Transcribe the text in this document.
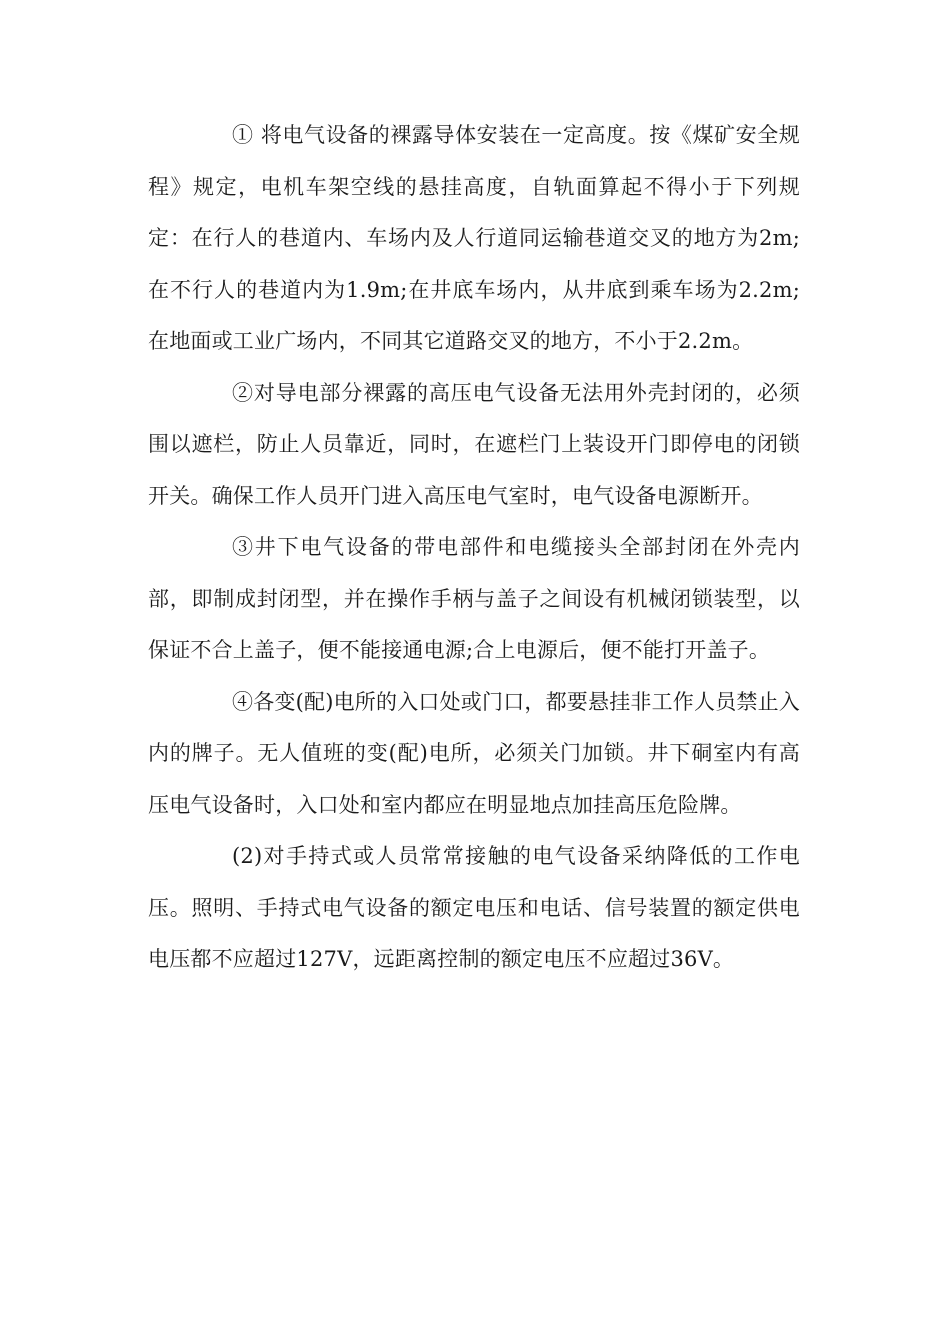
① 将电气设备的裸露导体安装在一定高度。按《煤矿安全规程》规定，电机车架空线的悬挂高度，自轨面算起不得小于下列规定：在行人的巷道内、车场内及人行道同运输巷道交叉的地方为2m;在不行人的巷道内为1.9m;在井底车场内，从井底到乘车场为2.2m;在地面或工业广场内，不同其它道路交叉的地方，不小于2.2m。

②对导电部分裸露的高压电气设备无法用外壳封闭的，必须围以遮栏，防止人员靠近，同时，在遮栏门上装设开门即停电的闭锁开关。确保工作人员开门进入高压电气室时，电气设备电源断开。

③井下电气设备的带电部件和电缆接头全部封闭在外壳内部，即制成封闭型，并在操作手柄与盖子之间设有机械闭锁装型，以保证不合上盖子，便不能接通电源;合上电源后，便不能打开盖子。

④各变(配)电所的入口处或门口，都要悬挂非工作人员禁止入内的牌子。无人值班的变(配)电所，必须关门加锁。井下硐室内有高压电气设备时，入口处和室内都应在明显地点加挂高压危险牌。

(2)对手持式或人员常常接触的电气设备采纳降低的工作电压。照明、手持式电气设备的额定电压和电话、信号装置的额定供电电压都不应超过127V，远距离控制的额定电压不应超过36V。
